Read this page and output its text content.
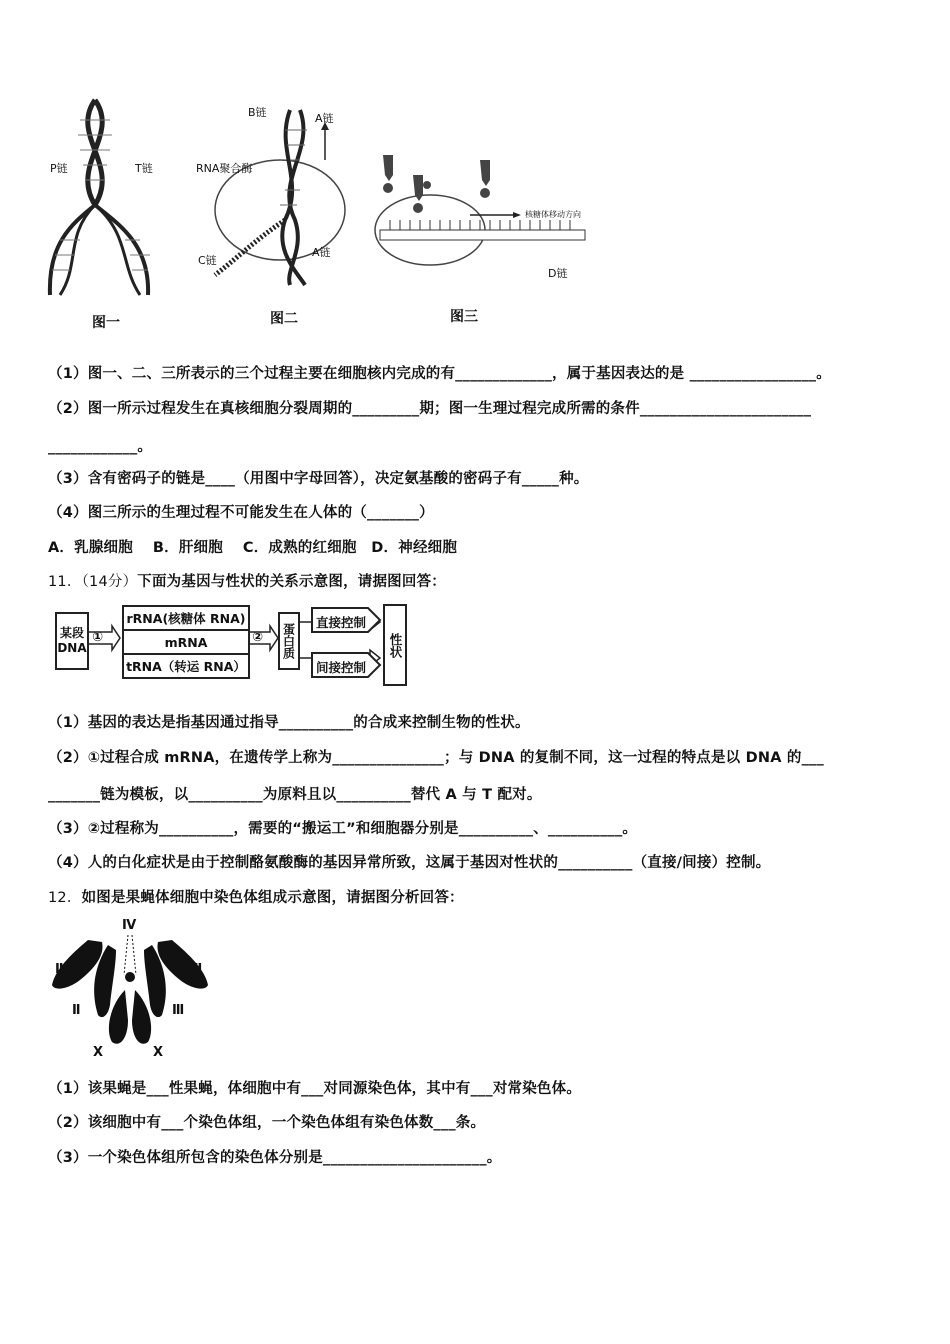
P链	T链
图一
B链	A链
RNA聚合酶
C链
A链
图二
核糖体移动方向
D链
图三
（1）图一、二、三所表示的三个过程主要在细胞核内完成的有_____________，属于基因表达的是 _________________。
（2）图一所示过程发生在真核细胞分裂周期的_________期；图一生理过程完成所需的条件_______________________
____________。
（3）含有密码子的链是____（用图中字母回答），决定氨基酸的密码子有_____种。
（4）图三所示的生理过程不可能发生在人体的（_______）
A．乳腺细胞　 B．肝细胞　 C．成熟的红细胞　D．神经细胞
11．（14分）下面为基因与性状的关系示意图，请据图回答：
某段DNA
①
rRNA(核糖体 RNA)
mRNA
tRNA（转运 RNA）
② 蛋白质
直接控制
间接控制
性状
（1）基因的表达是指基因通过指导__________的合成来控制生物的性状。
（2）①过程合成 mRNA，在遗传学上称为_______________；与 DNA 的复制不同，这一过程的特点是以 DNA 的___
_______链为模板，以__________为原料且以__________替代 A 与 T 配对。
（3）②过程称为__________，需要的“搬运工”和细胞器分别是__________、__________。
（4）人的白化症状是由于控制酪氨酸酶的基因异常所致，这属于基因对性状的__________（直接/间接）控制。
12．如图是果蝇体细胞中染色体组成示意图，请据图分析回答：
Ⅳ
Ⅱ
Ⅱ
Ⅲ
Ⅲ
X	X
（1）该果蝇是___性果蝇，体细胞中有___对同源染色体，其中有___对常染色体。
（2）该细胞中有___个染色体组，一个染色体组有染色体数___条。
（3）一个染色体组所包含的染色体分别是______________________。
